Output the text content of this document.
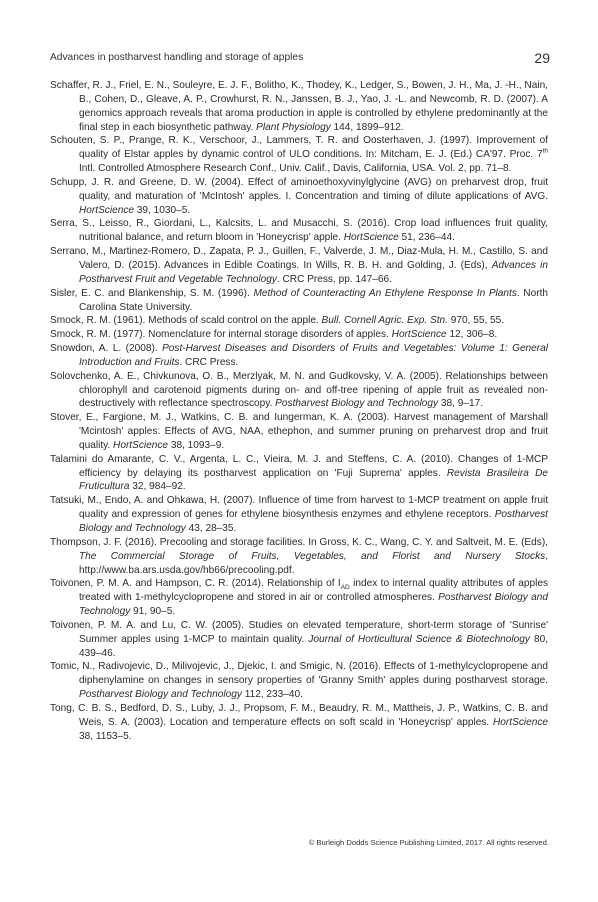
Advances in postharvest handling and storage of apples	29

Schaffer, R. J., Friel, E. N., Souleyre, E. J. F., Bolitho, K., Thodey, K., Ledger, S., Bowen, J. H., Ma, J. -H., Nain, B., Cohen, D., Gleave, A. P., Crowhurst, R. N., Janssen, B. J., Yao, J. -L. and Newcomb, R. D. (2007). A genomics approach reveals that aroma production in apple is controlled by ethylene predominantly at the final step in each biosynthetic pathway. Plant Physiology 144, 1899–912.

Schouten, S. P., Prange, R. K., Verschoor, J., Lammers, T. R. and Oosterhaven, J. (1997). Improvement of quality of Elstar apples by dynamic control of ULO conditions. In: Mitcham, E. J. (Ed.) CA'97. Proc. 7th Intl. Controlled Atmosphere Research Conf., Univ. Calif., Davis, California, USA. Vol. 2, pp. 71–8.

Schupp, J. R. and Greene, D. W. (2004). Effect of aminoethoxyvinylglycine (AVG) on preharvest drop, fruit quality, and maturation of 'McIntosh' apples. I. Concentration and timing of dilute applications of AVG. HortScience 39, 1030–5.

Serra, S., Leisso, R., Giordani, L., Kalcsits, L. and Musacchi, S. (2016). Crop load influences fruit quality, nutritional balance, and return bloom in 'Honeycrisp' apple. HortScience 51, 236–44.

Serrano, M., Martinez-Romero, D., Zapata, P. J., Guillen, F., Valverde, J. M., Diaz-Mula, H. M., Castillo, S. and Valero, D. (2015). Advances in Edible Coatings. In Wills, R. B. H. and Golding, J. (Eds), Advances in Postharvest Fruit and Vegetable Technology. CRC Press, pp. 147–66.

Sisler, E. C. and Blankenship, S. M. (1996). Method of Counteracting An Ethylene Response In Plants. North Carolina State University.

Smock, R. M. (1961). Methods of scald control on the apple. Bull. Cornell Agric. Exp. Stn. 970, 55, 55.

Smock, R. M. (1977). Nomenclature for internal storage disorders of apples. HortScience 12, 306–8.

Snowdon, A. L. (2008). Post-Harvest Diseases and Disorders of Fruits and Vegetables: Volume 1: General Introduction and Fruits. CRC Press.

Solovchenko, A. E., Chivkunova, O. B., Merzlyak, M. N. and Gudkovsky, V. A. (2005). Relationships between chlorophyll and carotenoid pigments during on- and off-tree ripening of apple fruit as revealed non-destructively with reflectance spectroscopy. Postharvest Biology and Technology 38, 9–17.

Stover, E., Fargione, M. J., Watkins, C. B. and Iungerman, K. A. (2003). Harvest management of Marshall 'Mcintosh' apples: Effects of AVG, NAA, ethephon, and summer pruning on preharvest drop and fruit quality. HortScience 38, 1093–9.

Talamini do Amarante, C. V., Argenta, L. C., Vieira, M. J. and Steffens, C. A. (2010). Changes of 1-MCP efficiency by delaying its postharvest application on 'Fuji Suprema' apples. Revista Brasileira De Fruticultura 32, 984–92.

Tatsuki, M., Endo, A. and Ohkawa, H. (2007). Influence of time from harvest to 1-MCP treatment on apple fruit quality and expression of genes for ethylene biosynthesis enzymes and ethylene receptors. Postharvest Biology and Technology 43, 28–35.

Thompson, J. F. (2016). Precooling and storage facilities. In Gross, K. C., Wang, C. Y. and Saltveit, M. E. (Eds), The Commercial Storage of Fruits, Vegetables, and Florist and Nursery Stocks, http://www.ba.ars.usda.gov/hb66/precooling.pdf.

Toivonen, P. M. A. and Hampson, C. R. (2014). Relationship of $I_{AD}$ index to internal quality attributes of apples treated with 1-methylcyclopropene and stored in air or controlled atmospheres. Postharvest Biology and Technology 91, 90–5.

Toivonen, P. M. A. and Lu, C. W. (2005). Studies on elevated temperature, short-term storage of 'Sunrise' Summer apples using 1-MCP to maintain quality. Journal of Horticultural Science & Biotechnology 80, 439–46.

Tomic, N., Radivojevic, D., Milivojevic, J., Djekic, I. and Smigic, N. (2016). Effects of 1-methylcyclopropene and diphenylamine on changes in sensory properties of 'Granny Smith' apples during postharvest storage. Postharvest Biology and Technology 112, 233–40.

Tong, C. B. S., Bedford, D. S., Luby, J. J., Propsom, F. M., Beaudry, R. M., Mattheis, J. P., Watkins, C. B. and Weis, S. A. (2003). Location and temperature effects on soft scald in 'Honeycrisp' apples. HortScience 38, 1153–5.

© Burleigh Dodds Science Publishing Limited, 2017. All rights reserved.
